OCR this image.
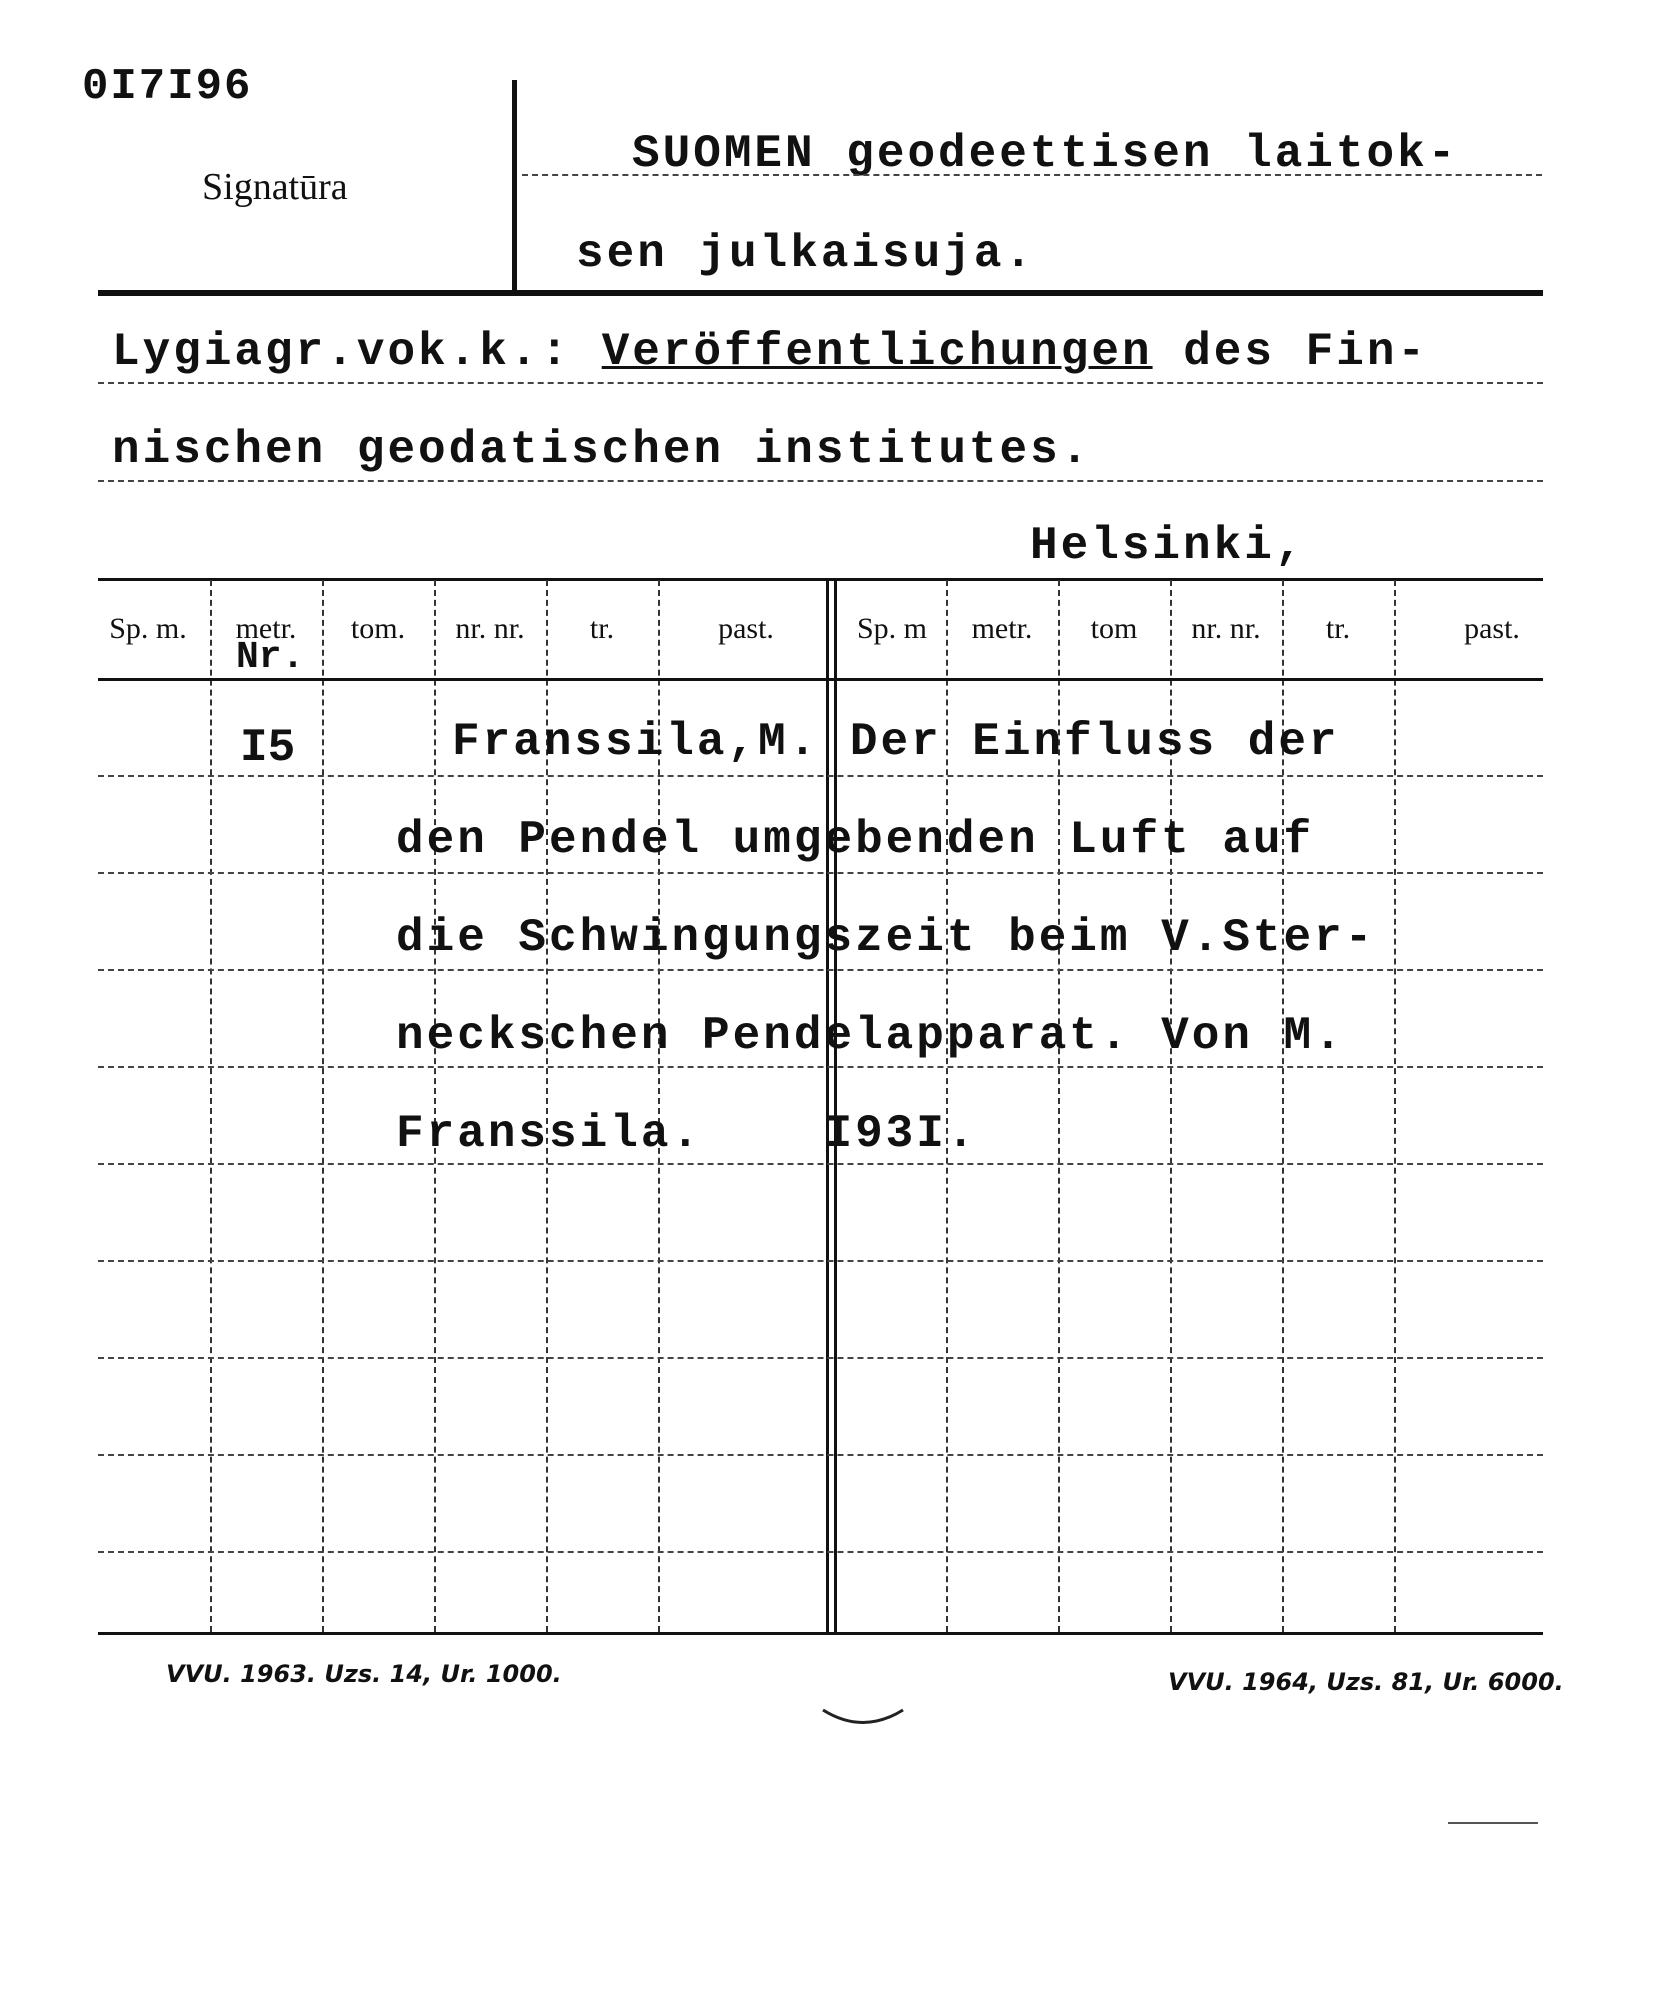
0I7I96
Signatūra
SUOMEN geodeettisen laitok-
sen julkaisuja.
Lygiagr.vok.k.: Veröffentlichungen des Fin-
nischen geodatischen institutes.
Helsinki,
Sp. m.	metr.	tom.	nr. nr.	tr.	past.	Sp. m	metr.	tom	nr. nr.	tr.	past.
Nr.
I5	Franssila,M. Der Einfluss der
den Pendel umgebenden Luft auf
die Schwingungszeit beim V.Ster-
neckschen Pendelapparat. Von M.
Franssila.    I93I.
VVU. 1963. Uzs. 14, Ur. 1000.	VVU. 1964, Uzs. 81, Ur. 6000.
